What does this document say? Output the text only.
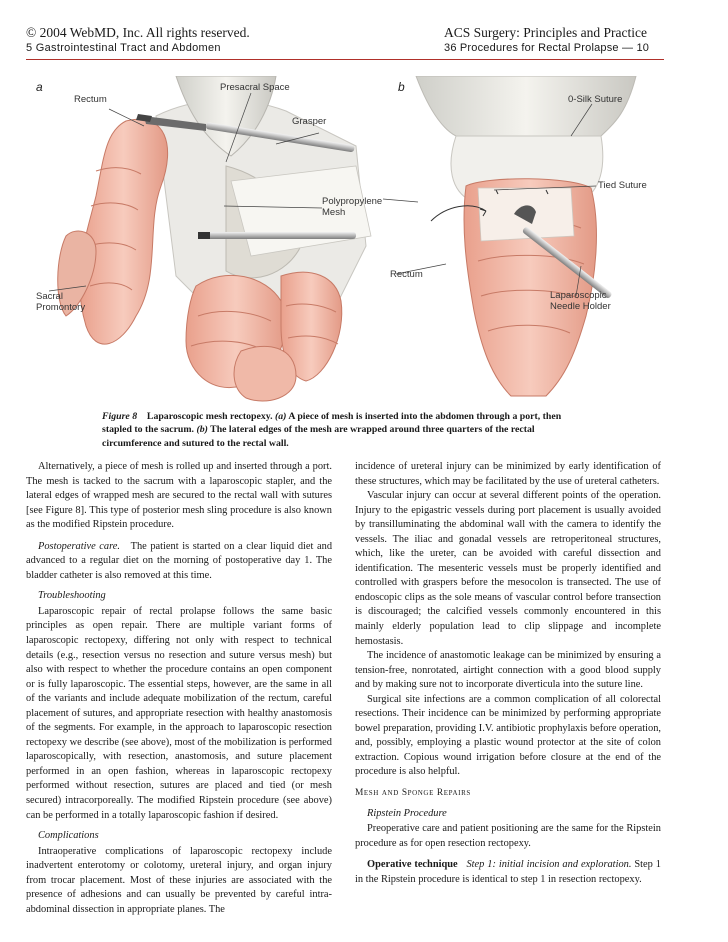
© 2004 WebMD, Inc. All rights reserved.
5 Gastrointestinal Tract and Abdomen
ACS Surgery: Principles and Practice
36 Procedures for Rectal Prolapse — 10
a	b
Rectum
Presacral Space
Grasper
Polypropylene
Mesh
Sacral
Promontory
0-Silk Suture
Tied Suture
Rectum
Laparoscopic
Needle Holder
Figure 8 Laparoscopic mesh rectopexy. (a) A piece of mesh is inserted into the abdomen through a port, then stapled to the sacrum. (b) The lateral edges of the mesh are wrapped around three quarters of the rectal circumference and sutured to the rectal wall.

Alternatively, a piece of mesh is rolled up and inserted through a port. The mesh is tacked to the sacrum with a laparoscopic stapler, and the lateral edges of wrapped mesh are secured to the rectal wall with sutures [see Figure 8]. This type of posterior mesh sling procedure is also known as the modified Ripstein procedure.

Postoperative care. The patient is started on a clear liquid diet and advanced to a regular diet on the morning of postoperative day 1. The bladder catheter is also removed at this time.

Troubleshooting

Laparoscopic repair of rectal prolapse follows the same basic principles as open repair. There are multiple variant forms of laparoscopic rectopexy, differing not only with respect to technical details (e.g., resection versus no resection and suture versus mesh) but also with respect to whether the procedure contains an open component or is fully laparoscopic. The essential steps, however, are the same in all of the variants and include adequate mobilization of the rectum, careful placement of sutures, and appropriate resection with healthy anastomosis of the segments. For example, in the approach to laparoscopic resection rectopexy we describe (see above), most of the mobilization is performed laparoscopically, with resection, anastomosis, and suture placement performed in an open fashion, whereas in laparoscopic rectopexy performed without resection, sutures are placed and tied (or mesh secured) intracorporeally. The modified Ripstein procedure (see above) can be performed in a totally laparoscopic fashion if desired.

Complications

Intraoperative complications of laparoscopic rectopexy include inadvertent enterotomy or colotomy, ureteral injury, and organ injury from trocar placement. Most of these injuries are associated with the presence of adhesions and can usually be prevented by careful intra-abdominal dissection in appropriate planes. The

incidence of ureteral injury can be minimized by early identification of these structures, which may be facilitated by the use of ureteral catheters.

Vascular injury can occur at several different points of the operation. Injury to the epigastric vessels during port placement is usually avoided by transilluminating the abdominal wall with the camera to identify the vessels. The iliac and gonadal vessels are retroperitoneal structures, which, like the ureter, can be avoided with careful dissection and identification. The mesenteric vessels must be properly identified and controlled with graspers before the mesocolon is transected. The use of endoscopic clips as the sole means of vascular control before transection is discouraged; the calcified vessels commonly encountered in this mainly elderly population lead to clip slippage and incomplete hemostasis.

The incidence of anastomotic leakage can be minimized by ensuring a tension-free, nonrotated, airtight connection with a good blood supply and by making sure not to incorporate diverticula into the suture line.

Surgical site infections are a common complication of all colorectal resections. Their incidence can be minimized by performing appropriate bowel preparation, providing I.V. antibiotic prophylaxis before operation, and, possibly, employing a plastic wound protector at the site of colon extraction. Copious wound irrigation before closure at the end of the procedure is also helpful.

Mesh and Sponge Repairs

Ripstein Procedure

Preoperative care and patient positioning are the same for the Ripstein procedure as for open resection rectopexy.

Operative technique Step 1: initial incision and exploration. Step 1 in the Ripstein procedure is identical to step 1 in resection rectopexy.
